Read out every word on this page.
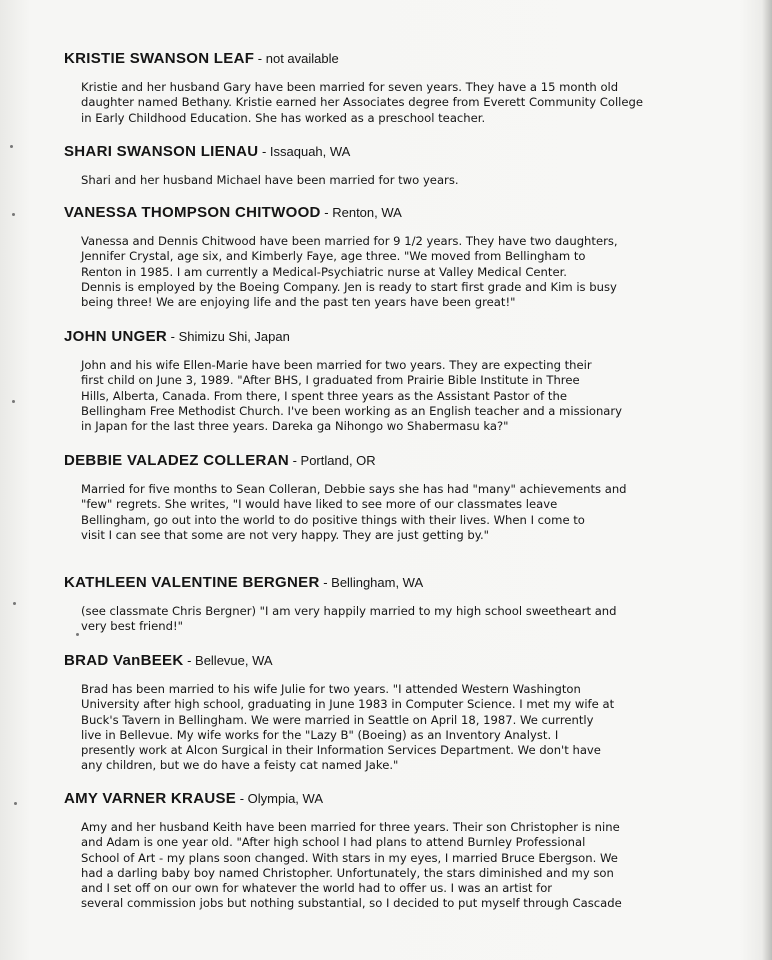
KRISTIE SWANSON LEAF - not available
Kristie and her husband Gary have been married for seven years. They have a 15 month old
daughter named Bethany. Kristie earned her Associates degree from Everett Community College
in Early Childhood Education. She has worked as a preschool teacher.
SHARI SWANSON LIENAU - Issaquah, WA
Shari and her husband Michael have been married for two years.
VANESSA THOMPSON CHITWOOD - Renton, WA
Vanessa and Dennis Chitwood have been married for 9 1/2 years. They have two daughters,
Jennifer Crystal, age six, and Kimberly Faye, age three. "We moved from Bellingham to
Renton in 1985. I am currently a Medical-Psychiatric nurse at Valley Medical Center.
Dennis is employed by the Boeing Company. Jen is ready to start first grade and Kim is busy
being three! We are enjoying life and the past ten years have been great!"
JOHN UNGER - Shimizu Shi, Japan
John and his wife Ellen-Marie have been married for two years. They are expecting their
first child on June 3, 1989. "After BHS, I graduated from Prairie Bible Institute in Three
Hills, Alberta, Canada. From there, I spent three years as the Assistant Pastor of the
Bellingham Free Methodist Church. I've been working as an English teacher and a missionary
in Japan for the last three years. Dareka ga Nihongo wo Shabermasu ka?"
DEBBIE VALADEZ COLLERAN - Portland, OR
Married for five months to Sean Colleran, Debbie says she has had "many" achievements and
"few" regrets. She writes, "I would have liked to see more of our classmates leave
Bellingham, go out into the world to do positive things with their lives. When I come to
visit I can see that some are not very happy. They are just getting by."
KATHLEEN VALENTINE BERGNER - Bellingham, WA
(see classmate Chris Bergner) "I am very happily married to my high school sweetheart and
very best friend!"
BRAD VanBEEK - Bellevue, WA
Brad has been married to his wife Julie for two years. "I attended Western Washington
University after high school, graduating in June 1983 in Computer Science. I met my wife at
Buck's Tavern in Bellingham. We were married in Seattle on April 18, 1987. We currently
live in Bellevue. My wife works for the "Lazy B" (Boeing) as an Inventory Analyst. I
presently work at Alcon Surgical in their Information Services Department. We don't have
any children, but we do have a feisty cat named Jake."
AMY VARNER KRAUSE - Olympia, WA
Amy and her husband Keith have been married for three years. Their son Christopher is nine
and Adam is one year old. "After high school I had plans to attend Burnley Professional
School of Art - my plans soon changed. With stars in my eyes, I married Bruce Ebergson. We
had a darling baby boy named Christopher. Unfortunately, the stars diminished and my son
and I set off on our own for whatever the world had to offer us. I was an artist for
several commission jobs but nothing substantial, so I decided to put myself through Cascade
